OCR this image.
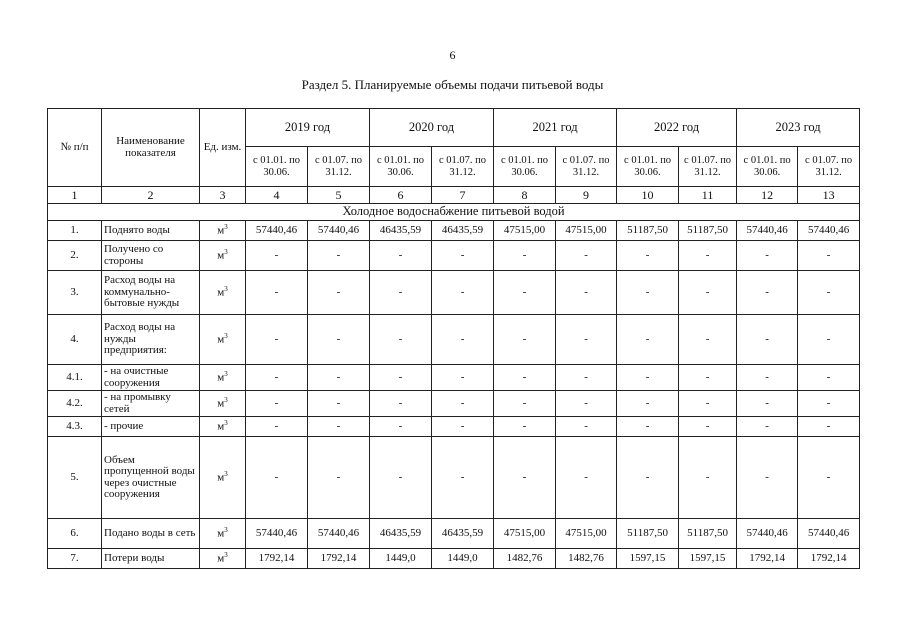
6
Раздел 5. Планируемые объемы подачи питьевой воды
№ п/п	Наименование показателя	Ед. изм.	2019 год		2020 год		2021 год		2022 год		2023 год	
			с 01.01. по 30.06.	с 01.07. по 31.12.	с 01.01. по 30.06.	с 01.07. по 31.12.	с 01.01. по 30.06.	с 01.07. по 31.12.	с 01.01. по 30.06.	с 01.07. по 31.12.	с 01.01. по 30.06.	с 01.07. по 31.12.
1	2	3	4	5	6	7	8	9	10	11	12	13
Холодное водоснабжение питьевой водой												
1.	Поднято воды	$м^3$	57440,46	57440,46	46435,59	46435,59	47515,00	47515,00	51187,50	51187,50	57440,46	57440,46
2.	Получено со стороны	$м^3$	-	-	-	-	-	-	-	-	-	-
3.	Расход воды на коммунально-бытовые нужды	$м^3$	-	-	-	-	-	-	-	-	-	-
4.	Расход воды на нужды предприятия:	$м^3$	-	-	-	-	-	-	-	-	-	-
4.1.	- на очистные сооружения	$м^3$	-	-	-	-	-	-	-	-	-	-
4.2.	- на промывку сетей	$м^3$	-	-	-	-	-	-	-	-	-	-
4.3.	- прочие	$м^3$	-	-	-	-	-	-	-	-	-	-
5.	Объем пропущенной воды через очистные сооружения	$м^3$	-	-	-	-	-	-	-	-	-	-
6.	Подано воды в сеть	$м^3$	57440,46	57440,46	46435,59	46435,59	47515,00	47515,00	51187,50	51187,50	57440,46	57440,46
7.	Потери воды	$м^3$	1792,14	1792,14	1449,0	1449,0	1482,76	1482,76	1597,15	1597,15	1792,14	1792,14
